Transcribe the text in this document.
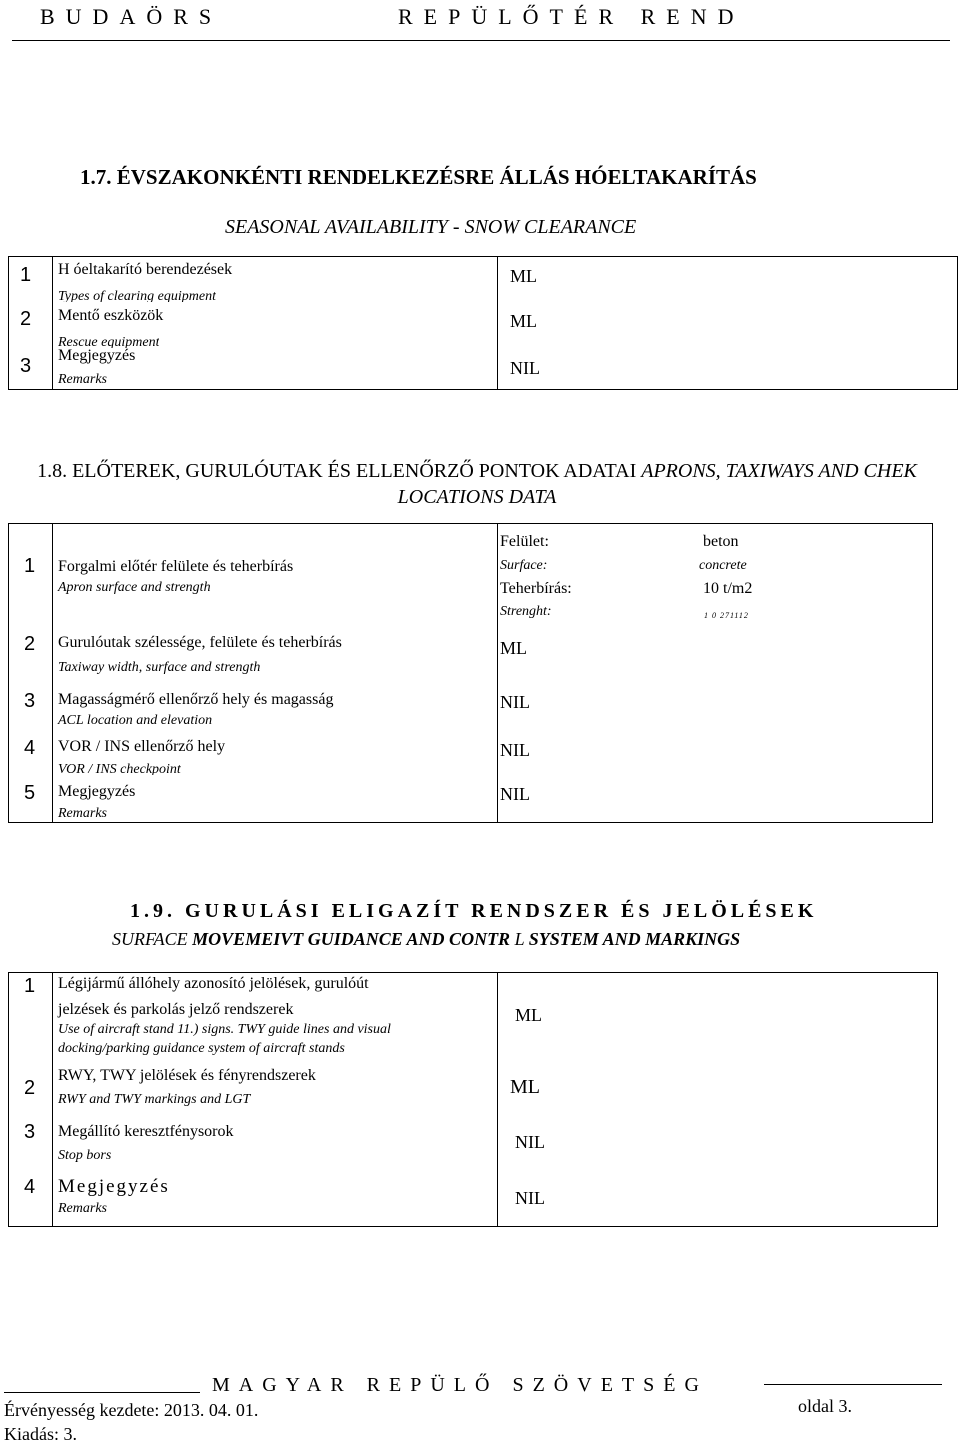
BUDAÖRS	REPÜLŐTÉR REND
1.7. ÉVSZAKONKÉNTI RENDELKEZÉSRE ÁLLÁS HÓELTAKARÍTÁS
SEASONAL AVAILABILITY - SNOW CLEARANCE
1 H óeltakarító berendezések
Types of clearing equipment
ML
2 Mentő eszközök
Rescue equipment
ML
3 Megjegyzés
Remarks
NIL
1.8. ELŐTEREK, GURULÓUTAK ÉS ELLENŐRZŐ PONTOK ADATAI APRONS, TAXIWAYS AND CHEK LOCATIONS DATA
1 Forgalmi előtér felülete és teherbírás
Apron surface and strength
Felület:	beton
Surface:	concrete
Teherbírás:	10 t/m2
Strenght:	1 0 271112
2 Gurulóutak szélessége, felülete és teherbírás
Taxiway width, surface and strength
ML
3 Magasságmérő ellenőrző hely és magasság
ACL location and elevation
NIL
4 VOR / INS ellenőrző hely
VOR / INS checkpoint
NIL
5 Megjegyzés
Remarks
NIL
1.9. GURULÁSI ELIGAZÍT RENDSZER ÉS JELÖLÉSEK
SURFACE MOVEMEIVT GUIDANCE AND CONTR L SYSTEM AND MARKINGS
1 Légijármű állóhely azonosító jelölések, gurulóút
jelzések és parkolás jelző rendszerek
Use of aircraft stand 11.) signs. TWY guide lines and visual
docking/parking guidance system of aircraft stands
ML
2
RWY, TWY jelölések és fényrendszerek
RWY and TWY markings and LGT
ML
3 Megállító keresztfénysorok
Stop bors
NIL
4 Megjegyzés
Remarks
NIL
MAGYAR REPÜLŐ SZÖVETSÉG
Érvényesség kezdete: 2013. 04. 01.
Kiadás: 3.
oldal 3.
